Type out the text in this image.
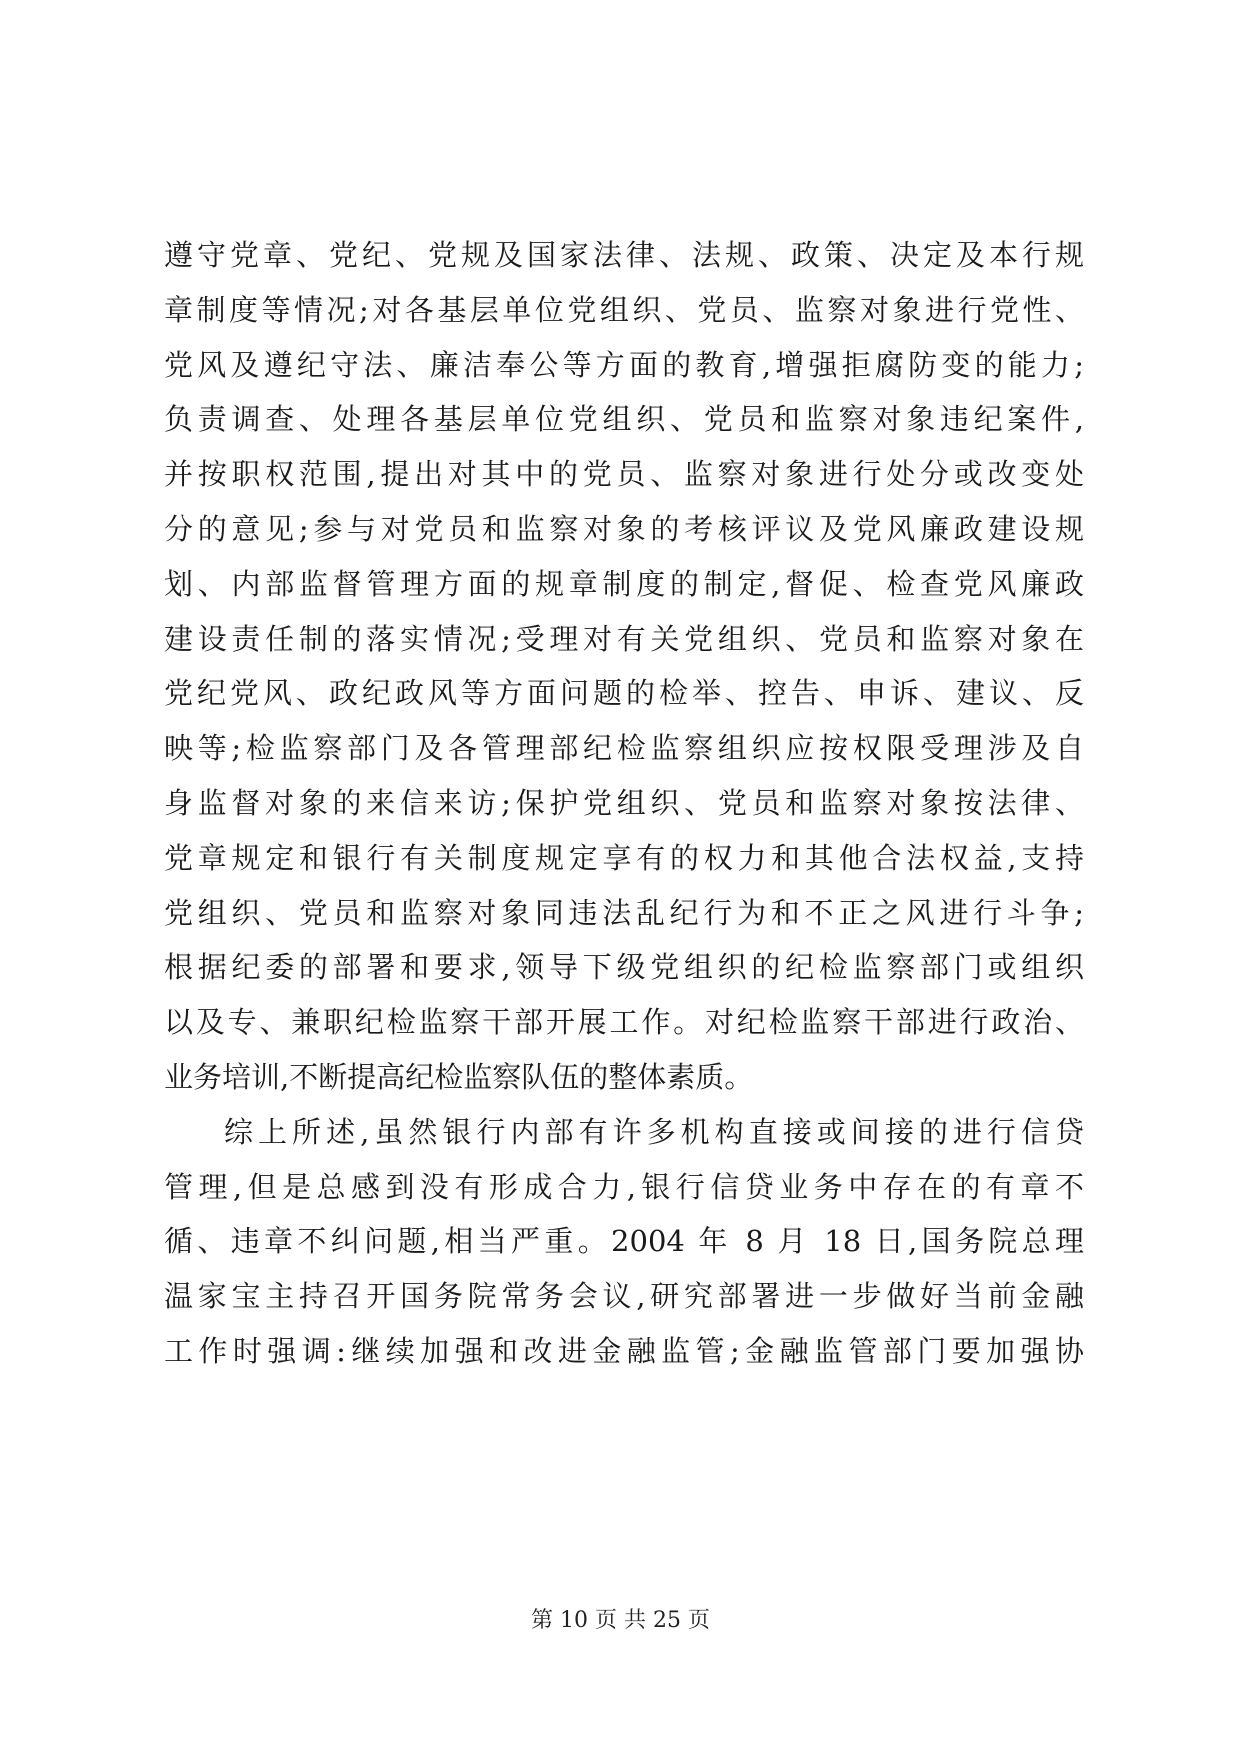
遵守党章、党纪、党规及国家法律、法规、政策、决定及本行规
章制度等情况;对各基层单位党组织、党员、监察对象进行党性、
党风及遵纪守法、廉洁奉公等方面的教育,增强拒腐防变的能力;
负责调查、处理各基层单位党组织、党员和监察对象违纪案件,
并按职权范围,提出对其中的党员、监察对象进行处分或改变处
分的意见;参与对党员和监察对象的考核评议及党风廉政建设规
划、内部监督管理方面的规章制度的制定,督促、检查党风廉政
建设责任制的落实情况;受理对有关党组织、党员和监察对象在
党纪党风、政纪政风等方面问题的检举、控告、申诉、建议、反
映等;检监察部门及各管理部纪检监察组织应按权限受理涉及自
身监督对象的来信来访;保护党组织、党员和监察对象按法律、
党章规定和银行有关制度规定享有的权力和其他合法权益,支持
党组织、党员和监察对象同违法乱纪行为和不正之风进行斗争;
根据纪委的部署和要求,领导下级党组织的纪检监察部门或组织
以及专、兼职纪检监察干部开展工作。对纪检监察干部进行政治、
业务培训,不断提高纪检监察队伍的整体素质。
综上所述,虽然银行内部有许多机构直接或间接的进行信贷
管理,但是总感到没有形成合力,银行信贷业务中存在的有章不
循、违章不纠问题,相当严重。2004 年 8 月 18 日,国务院总理
温家宝主持召开国务院常务会议,研究部署进一步做好当前金融
工作时强调:继续加强和改进金融监管;金融监管部门要加强协
第 10 页 共 25 页
